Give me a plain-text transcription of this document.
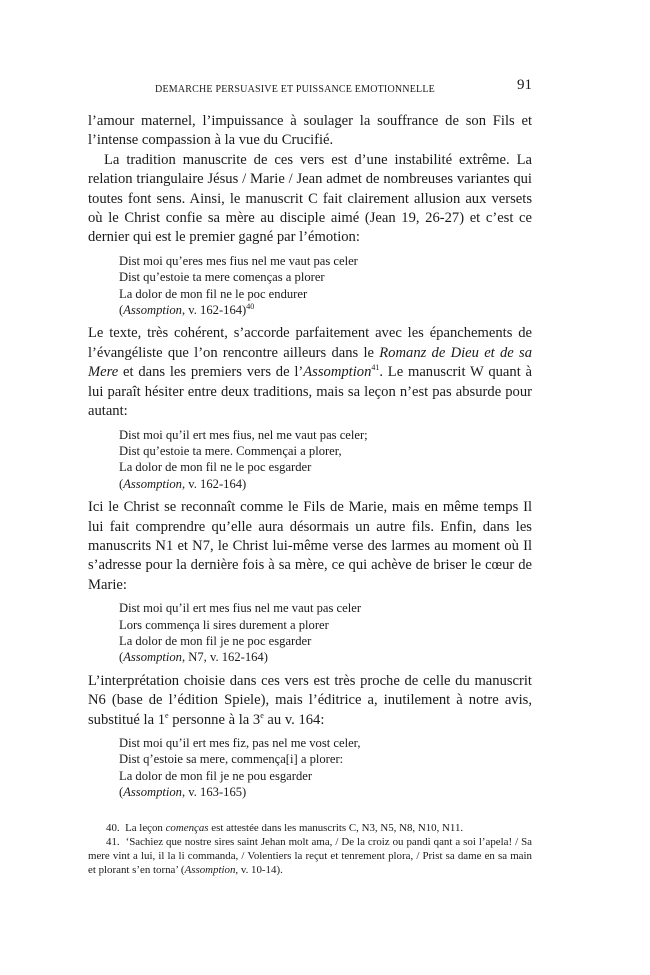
DEMARCHE PERSUASIVE ET PUISSANCE EMOTIONNELLE	91

l’amour maternel, l’impuissance à soulager la souffrance de son Fils et l’intense compassion à la vue du Crucifié.

La tradition manuscrite de ces vers est d’une instabilité extrême. La relation triangulaire Jésus / Marie / Jean admet de nombreuses variantes qui toutes font sens. Ainsi, le manuscrit C fait clairement allusion aux versets où le Christ confie sa mère au disciple aimé (Jean 19, 26-27) et c’est ce dernier qui est le premier gagné par l’émotion:

Dist moi qu’eres mes fius nel me vaut pas celer
Dist qu’estoie ta mere començas a plorer
La dolor de mon fil ne le poc endurer
(Assomption, v. 162-164)$^{40}$

Le texte, très cohérent, s’accorde parfaitement avec les épanchements de l’évangéliste que l’on rencontre ailleurs dans le Romanz de Dieu et de sa Mere et dans les premiers vers de l’Assomption$^{41}$. Le manuscrit W quant à lui paraît hésiter entre deux traditions, mais sa leçon n’est pas absurde pour autant:

Dist moi qu’il ert mes fius, nel me vaut pas celer;
Dist qu’estoie ta mere. Commençai a plorer,
La dolor de mon fil ne le poc esgarder
(Assomption, v. 162-164)

Ici le Christ se reconnaît comme le Fils de Marie, mais en même temps Il lui fait comprendre qu’elle aura désormais un autre fils. Enfin, dans les manuscrits N1 et N7, le Christ lui-même verse des larmes au moment où Il s’adresse pour la dernière fois à sa mère, ce qui achève de briser le cœur de Marie:

Dist moi qu’il ert mes fius nel me vaut pas celer
Lors commença li sires durement a plorer
La dolor de mon fil je ne poc esgarder
(Assomption, N7, v. 162-164)

L’interprétation choisie dans ces vers est très proche de celle du manuscrit N6 (base de l’édition Spiele), mais l’éditrice a, inutilement à notre avis, substitué la 1e personne à la 3e au v. 164:

Dist moi qu’il ert mes fiz, pas nel me vost celer,
Dist q’estoie sa mere, commença[i] a plorer:
La dolor de mon fil je ne pou esgarder
(Assomption, v. 163-165)

40. La leçon començas est attestée dans les manuscrits C, N3, N5, N8, N10, N11.

41. ‘Sachiez que nostre sires saint Jehan molt ama, / De la croiz ou pandi qant a soi l’apela! / Sa mere vint a lui, il la li commanda, / Volentiers la reçut et tenrement plora, / Prist sa dame en sa main et plorant s’en torna’ (Assomption, v. 10-14).
